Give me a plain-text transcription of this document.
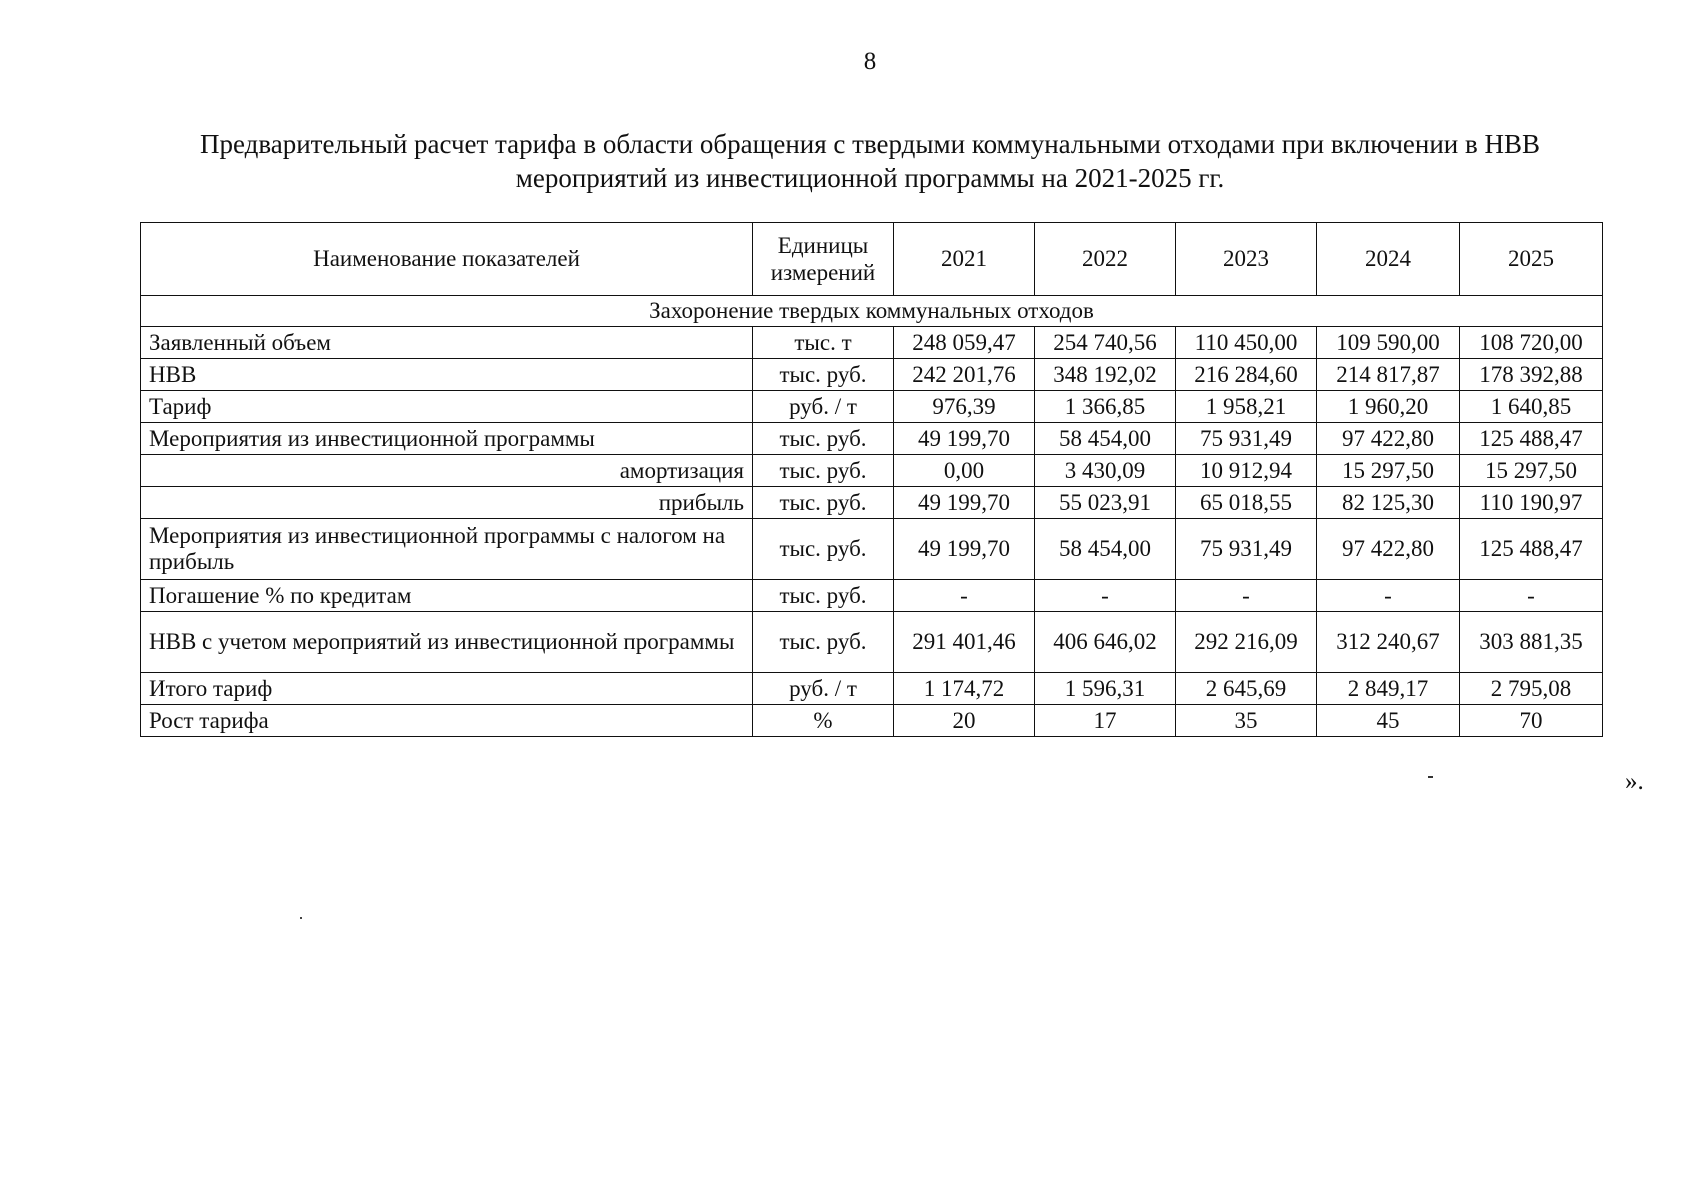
8
Предварительный расчет тарифа в области обращения с твердыми коммунальными отходами при включении в НВВ
мероприятий из инвестиционной программы на 2021-2025 гг.
Наименование показателей	Единицы измерений	2021	2022	2023	2024	2025
Захоронение твердых коммунальных отходов						
Заявленный объем	тыс. т	248 059,47	254 740,56	110 450,00	109 590,00	108 720,00
НВВ	тыс. руб.	242 201,76	348 192,02	216 284,60	214 817,87	178 392,88
Тариф	руб. / т	976,39	1 366,85	1 958,21	1 960,20	1 640,85
Мероприятия из инвестиционной программы	тыс. руб.	49 199,70	58 454,00	75 931,49	97 422,80	125 488,47
амортизация	тыс. руб.	0,00	3 430,09	10 912,94	15 297,50	15 297,50
прибыль	тыс. руб.	49 199,70	55 023,91	65 018,55	82 125,30	110 190,97
Мероприятия из инвестиционной программы с налогом на прибыль	тыс. руб.	49 199,70	58 454,00	75 931,49	97 422,80	125 488,47
Погашение % по кредитам	тыс. руб.	-	-	-	-	-
НВВ с учетом мероприятий из инвестиционной программы	тыс. руб.	291 401,46	406 646,02	292 216,09	312 240,67	303 881,35
Итого тариф	руб. / т	1 174,72	1 596,31	2 645,69	2 849,17	2 795,08
Рост тарифа	%	20	17	35	45	70
».
